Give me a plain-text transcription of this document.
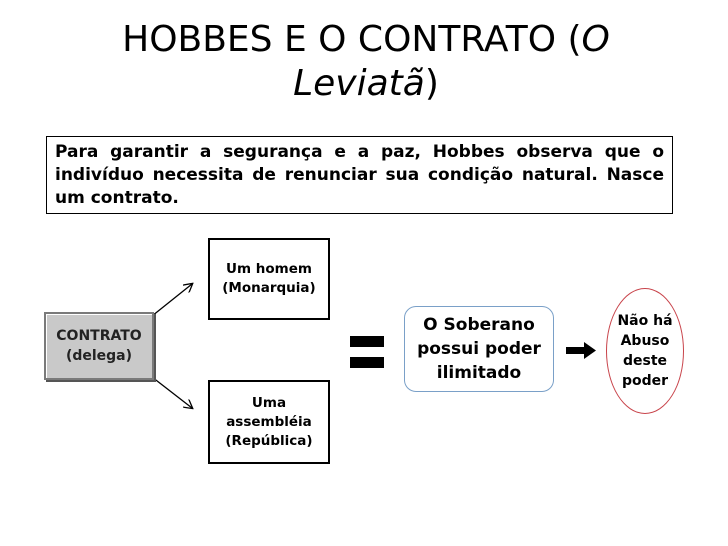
HOBBES E O CONTRATO (O Leviatã)
Para garantir a segurança e a paz, Hobbes observa que o indivíduo necessita de renunciar sua condição natural. Nasce um contrato.
Um homem
(Monarquia)
Uma
assembléia
(República)
CONTRATO
(delega)
O Soberano
possui poder
ilimitado
Não há
Abuso
deste
poder
